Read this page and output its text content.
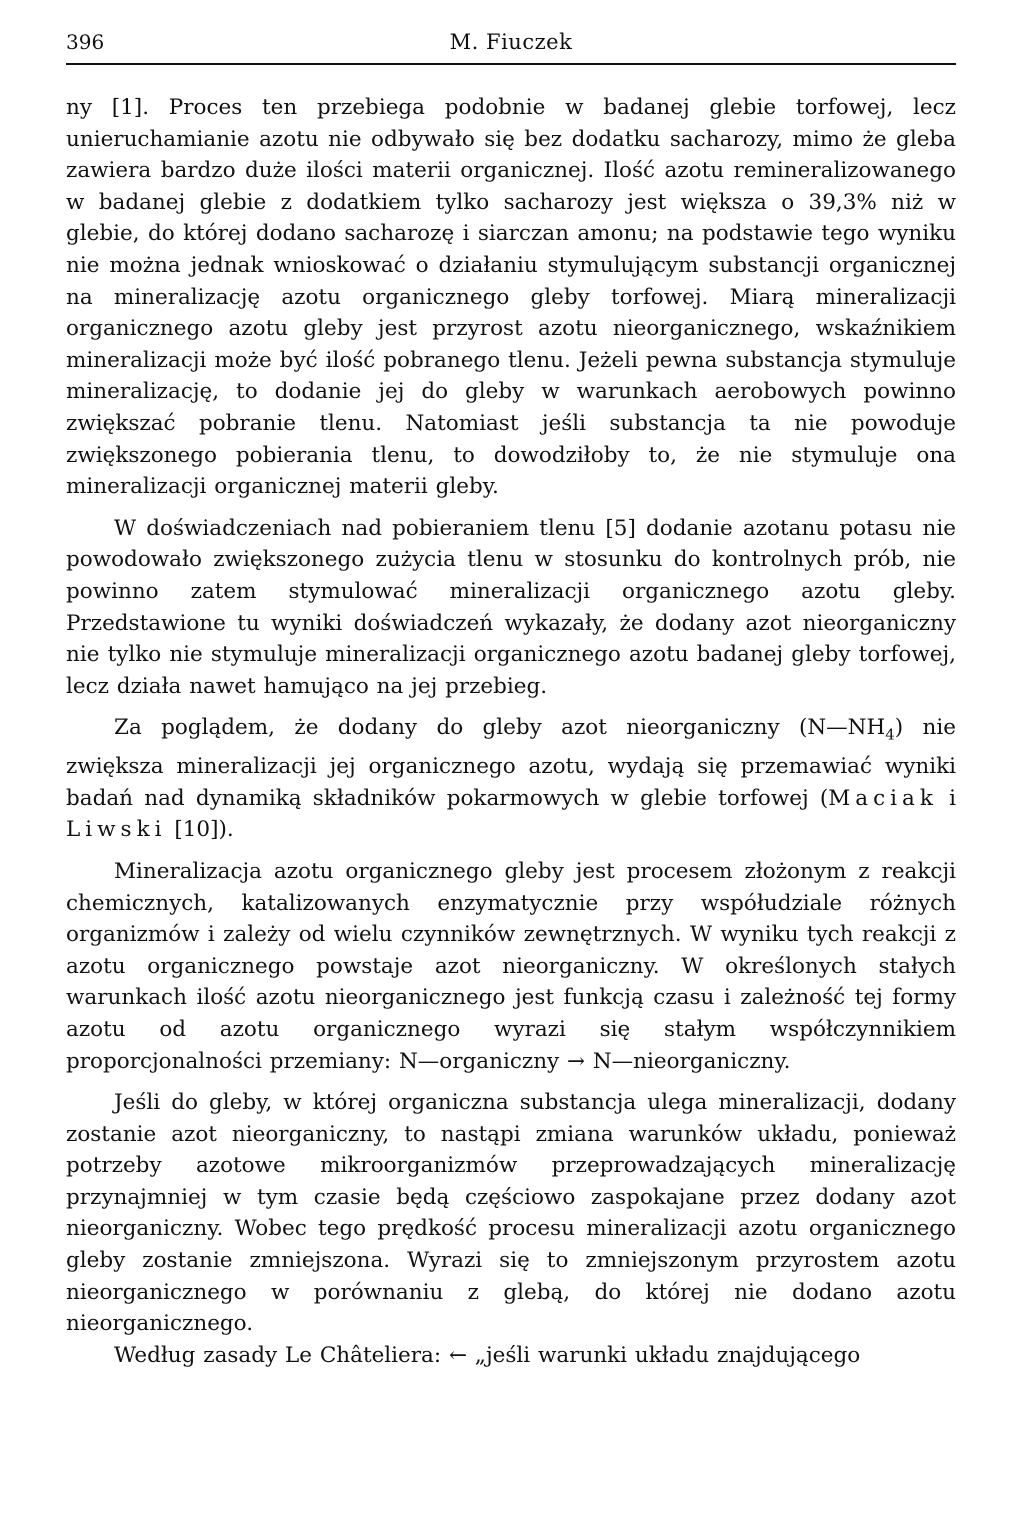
396	M. Fiuczek

ny [1]. Proces ten przebiega podobnie w badanej glebie torfowej, lecz unieruchamianie azotu nie odbywało się bez dodatku sacharozy, mimo że gleba zawiera bardzo duże ilości materii organicznej. Ilość azotu remineralizowanego w badanej glebie z dodatkiem tylko sacharozy jest większa o 39,3% niż w glebie, do której dodano sacharozę i siarczan amonu; na podstawie tego wyniku nie można jednak wnioskować o działaniu stymulującym substancji organicznej na mineralizację azotu organicznego gleby torfowej. Miarą mineralizacji organicznego azotu gleby jest przyrost azotu nieorganicznego, wskaźnikiem mineralizacji może być ilość pobranego tlenu. Jeżeli pewna substancja stymuluje mineralizację, to dodanie jej do gleby w warunkach aerobowych powinno zwiększać pobranie tlenu. Natomiast jeśli substancja ta nie powoduje zwiększonego pobierania tlenu, to dowodziłoby to, że nie stymuluje ona mineralizacji organicznej materii gleby.

W doświadczeniach nad pobieraniem tlenu [5] dodanie azotanu potasu nie powodowało zwiększonego zużycia tlenu w stosunku do kontrolnych prób, nie powinno zatem stymulować mineralizacji organicznego azotu gleby. Przedstawione tu wyniki doświadczeń wykazały, że dodany azot nieorganiczny nie tylko nie stymuluje mineralizacji organicznego azotu badanej gleby torfowej, lecz działa nawet hamująco na jej przebieg.

Za poglądem, że dodany do gleby azot nieorganiczny $(N—NH_4)$ nie zwiększa mineralizacji jej organicznego azotu, wydają się przemawiać wyniki badań nad dynamiką składników pokarmowych w glebie torfowej (Maciak i Liwski [10]).

Mineralizacja azotu organicznego gleby jest procesem złożonym z reakcji chemicznych, katalizowanych enzymatycznie przy współudziale różnych organizmów i zależy od wielu czynników zewnętrznych. W wyniku tych reakcji z azotu organicznego powstaje azot nieorganiczny. W określonych stałych warunkach ilość azotu nieorganicznego jest funkcją czasu i zależność tej formy azotu od azotu organicznego wyrazi się stałym współczynnikiem proporcjonalności przemiany: N—organiczny → N—nieorganiczny.

Jeśli do gleby, w której organiczna substancja ulega mineralizacji, dodany zostanie azot nieorganiczny, to nastąpi zmiana warunków układu, ponieważ potrzeby azotowe mikroorganizmów przeprowadzających mineralizację przynajmniej w tym czasie będą częściowo zaspokajane przez dodany azot nieorganiczny. Wobec tego prędkość procesu mineralizacji azotu organicznego gleby zostanie zmniejszona. Wyrazi się to zmniejszonym przyrostem azotu nieorganicznego w porównaniu z glebą, do której nie dodano azotu nieorganicznego.

Według zasady Le Châteliera: ← „jeśli warunki układu znajdującego
